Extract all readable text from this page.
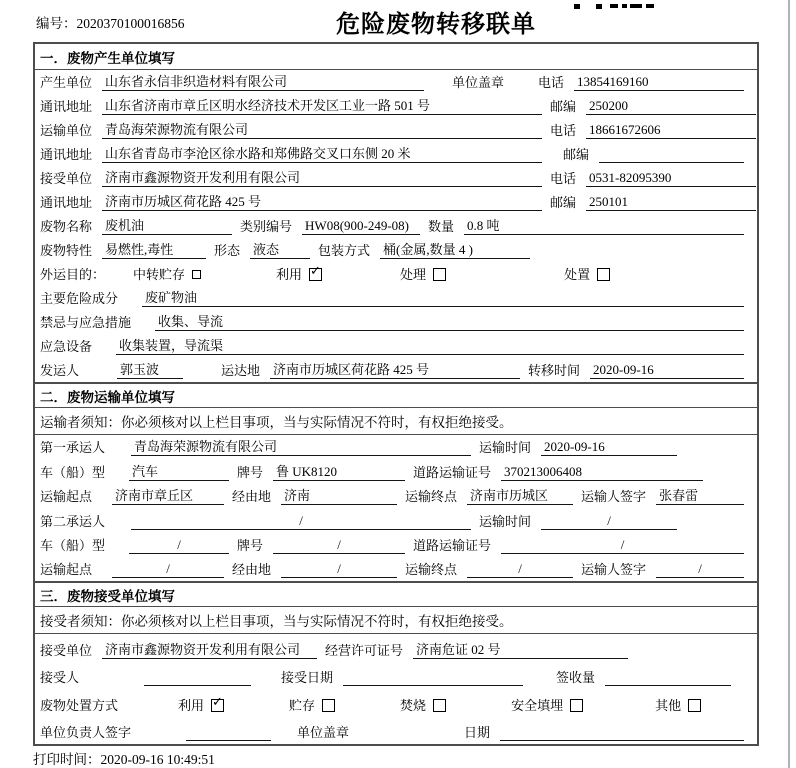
编号：2020370100016856	危险废物转移联单
一．废物产生单位填写
产生单位 山东省永信非织造材料有限公司	单位盖章	电话 13854169160
通讯地址 山东省济南市章丘区明水经济技术开发区工业一路 501 号	邮编 250200
运输单位 青岛海荣源物流有限公司	电话 18661672606
通讯地址 山东省青岛市李沧区徐水路和郑佛路交叉口东侧 20 米	邮编
接受单位 济南市鑫源物资开发利用有限公司	电话 0531-82095390
通讯地址 济南市历城区荷花路 425 号	邮编 250101
废物名称 废机油	类别编号 HW08(900-249-08)	数量 0.8 吨
废物特性 易燃性,毒性	形态 液态	包装方式 桶(金属,数量 4 )
外运目的： 中转贮存	利用 ✓	处理	处置
主要危险成分 废矿物油
禁忌与应急措施 收集、导流
应急设备 收集装置，导流渠
发运人	郭玉波	运达地 济南市历城区荷花路 425 号	转移时间 2020-09-16
二．废物运输单位填写
运输者须知：你必须核对以上栏目事项，当与实际情况不符时，有权拒绝接受。
第一承运人 青岛海荣源物流有限公司	运输时间 2020-09-16
车（船）型 汽车	牌号 鲁 UK8120	道路运输证号 370213006408
运输起点 济南市章丘区	经由地 济南	运输终点 济南市历城区	运输人签字 张春雷
第二承运人	/	运输时间	/
车（船）型	/	牌号	/	道路运输证号	/
运输起点	/	经由地	/	运输终点	/	运输人签字	/
三．废物接受单位填写
接受者须知：你必须核对以上栏目事项，当与实际情况不符时，有权拒绝接受。
接受单位 济南市鑫源物资开发利用有限公司	经营许可证号 济南危证 02 号
接受人	接受日期	签收量
废物处置方式	利用 ✓	贮存	焚烧	安全填埋	其他
单位负责人签字	单位盖章	日期
打印时间：2020-09-16 10:49:51
